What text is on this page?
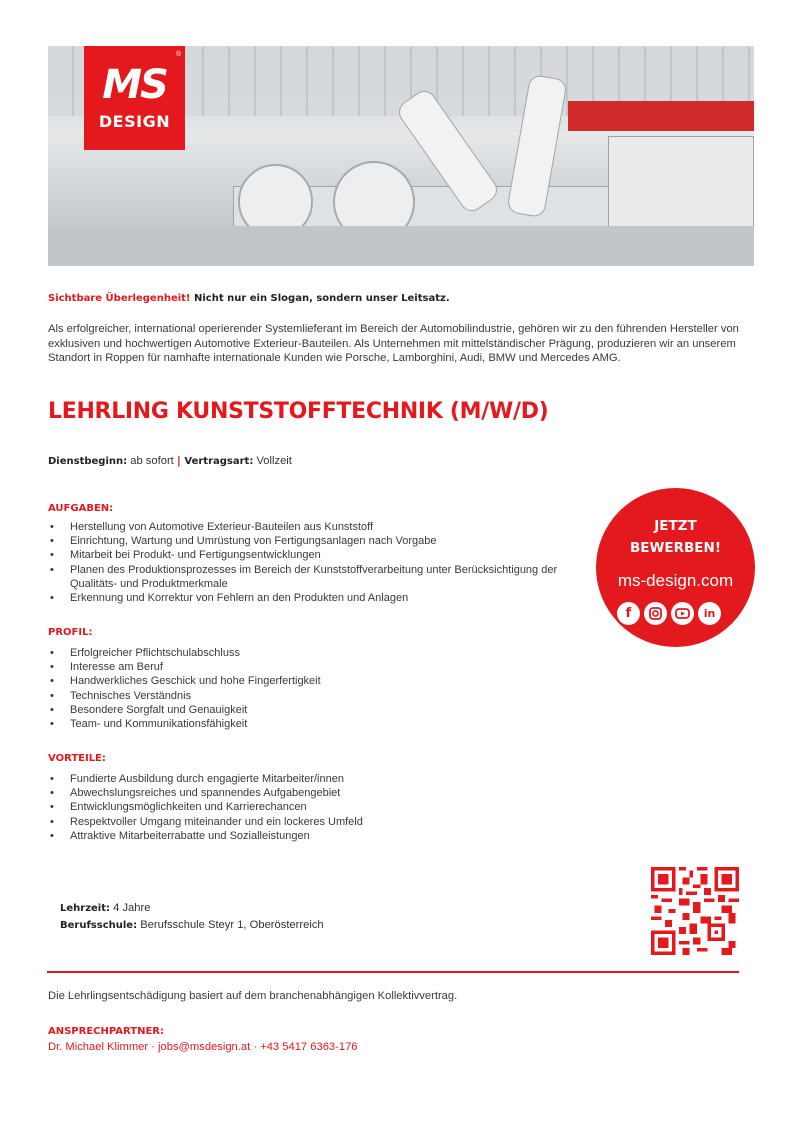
MS
DESIGN
®
Sichtbare Überlegenheit! Nicht nur ein Slogan, sondern unser Leitsatz.
Als erfolgreicher, international operierender Systemlieferant im Bereich der Automobilindustrie, gehören wir zu den führenden Hersteller von exklusiven und hochwertigen Automotive Exterieur-Bauteilen. Als Unternehmen mit mittelständischer Prägung, produzieren wir an unserem Standort in Roppen für namhafte internationale Kunden wie Porsche, Lamborghini, Audi, BMW und Mercedes AMG.
LEHRLING KUNSTSTOFFTECHNIK (M/W/D)
Dienstbeginn: ab sofort | Vertragsart: Vollzeit
AUFGABEN:
• Herstellung von Automotive Exterieur-Bauteilen aus Kunststoff
• Einrichtung, Wartung und Umrüstung von Fertigungsanlagen nach Vorgabe
• Mitarbeit bei Produkt- und Fertigungsentwicklungen
• Planen des Produktionsprozesses im Bereich der Kunststoffverarbeitung unter Berücksichtigung der Qualitäts- und Produktmerkmale
• Erkennung und Korrektur von Fehlern an den Produkten und Anlagen
PROFIL:
• Erfolgreicher Pflichtschulabschluss
• Interesse am Beruf
• Handwerkliches Geschick und hohe Fingerfertigkeit
• Technisches Verständnis
• Besondere Sorgfalt und Genauigkeit
• Team- und Kommunikationsfähigkeit
VORTEILE:
• Fundierte Ausbildung durch engagierte Mitarbeiter/innen
• Abwechslungsreiches und spannendes Aufgabengebiet
• Entwicklungsmöglichkeiten und Karrierechancen
• Respektvoller Umgang miteinander und ein lockeres Umfeld
• Attraktive Mitarbeiterrabatte und Sozialleistungen
JETZT
BEWERBEN!
ms-design.com
f	in
Lehrzeit: 4 Jahre
Berufsschule: Berufsschule Steyr 1, Oberösterreich
Die Lehrlingsentschädigung basiert auf dem branchenabhängigen Kollektivvertrag.
ANSPRECHPARTNER:
Dr. Michael Klimmer · jobs@msdesign.at · +43 5417 6363-176
